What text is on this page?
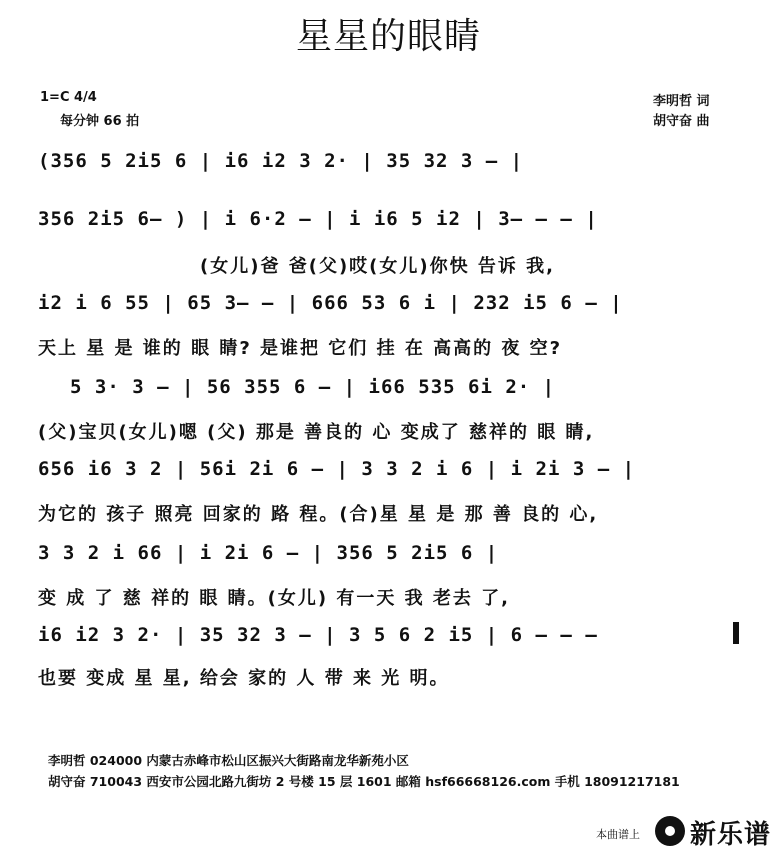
星星的眼睛
1=C 4/4
每分钟 66 拍
李明哲 词
胡守奋 曲
(356 5 2i5 6 | i6 i2 3 2· | 35 32 3 — |
356 2i5 6— ) | i 6·2 — | i i6 5 i2 | 3— — — |
(女儿)爸 爸(父)哎(女儿)你快 告诉 我,
i2 i 6 55 | 65 3— — | 666 53 6 i | 232 i5 6 — |
天上 星 是 谁的 眼 睛? 是谁把 它们 挂 在 高高的 夜 空?
5 3· 3 — | 56 355 6 — | i66 535 6i 2· |
(父)宝贝(女儿)嗯 (父) 那是 善良的 心 变成了 慈祥的 眼 睛,
656 i6 3 2 | 56i 2i 6 — | 3 3 2 i 6 | i 2i 3 — |
为它的 孩子 照亮 回家的 路 程。(合)星 星 是 那 善 良的 心,
3 3 2 i 66 | i 2i 6 — | 356 5 2i5 6 |
变 成 了 慈 祥的 眼 睛。(女儿) 有一天 我 老去 了,
i6 i2 3 2· | 35 32 3 — | 3 5 6 2 i5 | 6 — — —
也要 变成 星 星, 给会 家的 人 带 来 光 明。
李明哲 024000 内蒙古赤峰市松山区振兴大街路南龙华新苑小区
胡守奋 710043 西安市公园北路九街坊 2 号楼 15 层 1601 邮箱 hsf66668126.com 手机 18091217181
本曲谱上 新乐谱
